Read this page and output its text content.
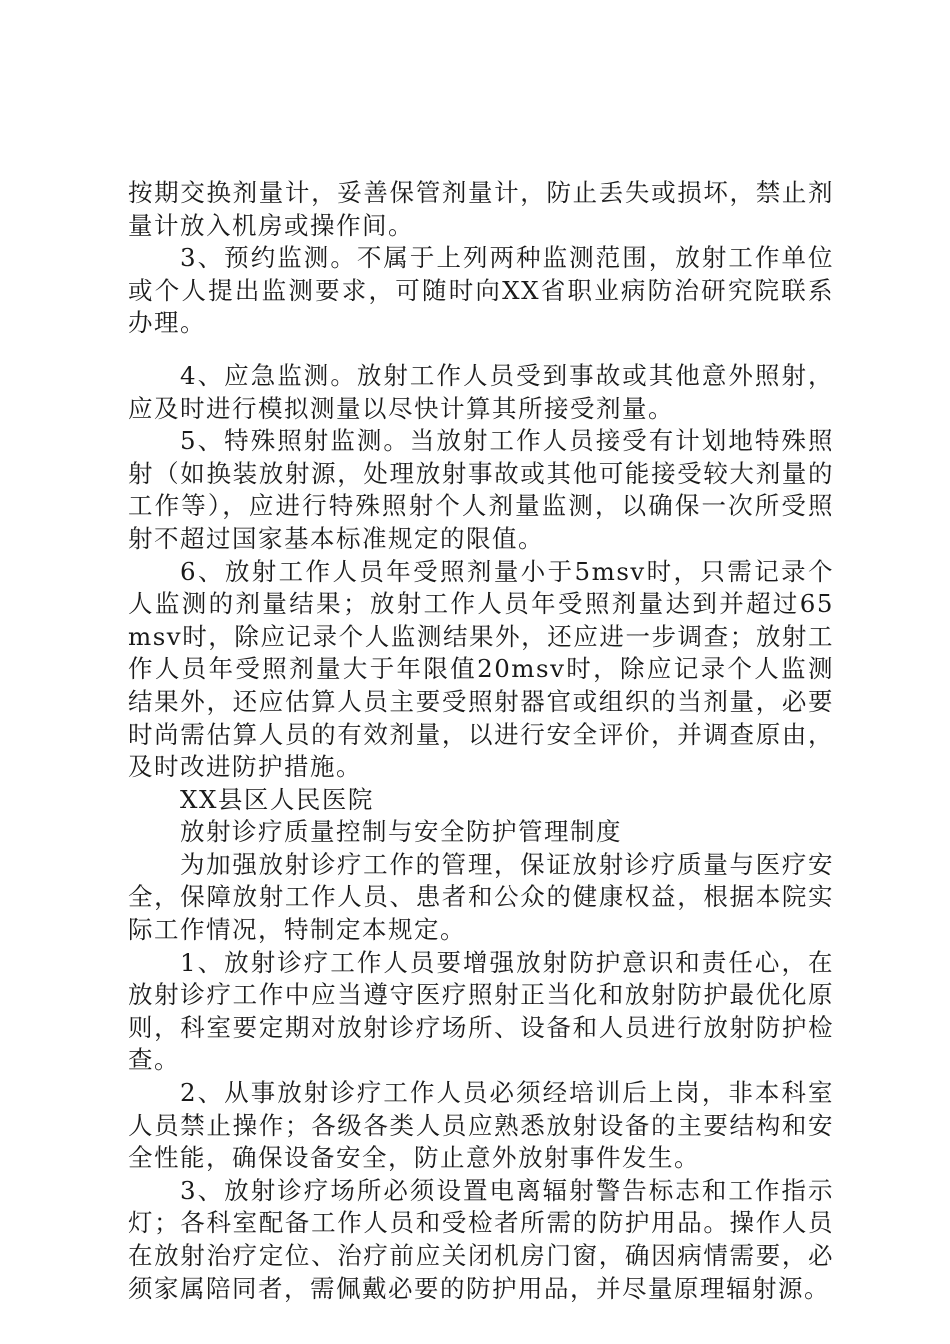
按期交换剂量计，妥善保管剂量计，防止丢失或损坏，禁止剂量计放入机房或操作间。

3、预约监测。不属于上列两种监测范围，放射工作单位或个人提出监测要求，可随时向XX省职业病防治研究院联系办理。

4、应急监测。放射工作人员受到事故或其他意外照射，应及时进行模拟测量以尽快计算其所接受剂量。

5、特殊照射监测。当放射工作人员接受有计划地特殊照射（如换装放射源，处理放射事故或其他可能接受较大剂量的工作等），应进行特殊照射个人剂量监测，以确保一次所受照射不超过国家基本标准规定的限值。

6、放射工作人员年受照剂量小于5msv时，只需记录个人监测的剂量结果；放射工作人员年受照剂量达到并超过65msv时，除应记录个人监测结果外，还应进一步调查；放射工作人员年受照剂量大于年限值20msv时，除应记录个人监测结果外，还应估算人员主要受照射器官或组织的当剂量，必要时尚需估算人员的有效剂量，以进行安全评价，并调查原由，及时改进防护措施。

XX县区人民医院

放射诊疗质量控制与安全防护管理制度

为加强放射诊疗工作的管理，保证放射诊疗质量与医疗安全，保障放射工作人员、患者和公众的健康权益，根据本院实际工作情况，特制定本规定。

1、放射诊疗工作人员要增强放射防护意识和责任心，在放射诊疗工作中应当遵守医疗照射正当化和放射防护最优化原则，科室要定期对放射诊疗场所、设备和人员进行放射防护检查。

2、从事放射诊疗工作人员必须经培训后上岗，非本科室人员禁止操作；各级各类人员应熟悉放射设备的主要结构和安全性能，确保设备安全，防止意外放射事件发生。

3、放射诊疗场所必须设置电离辐射警告标志和工作指示灯；各科室配备工作人员和受检者所需的防护用品。操作人员在放射治疗定位、治疗前应关闭机房门窗，确因病情需要，必须家属陪同者，需佩戴必要的防护用品，并尽量原理辐射源。
